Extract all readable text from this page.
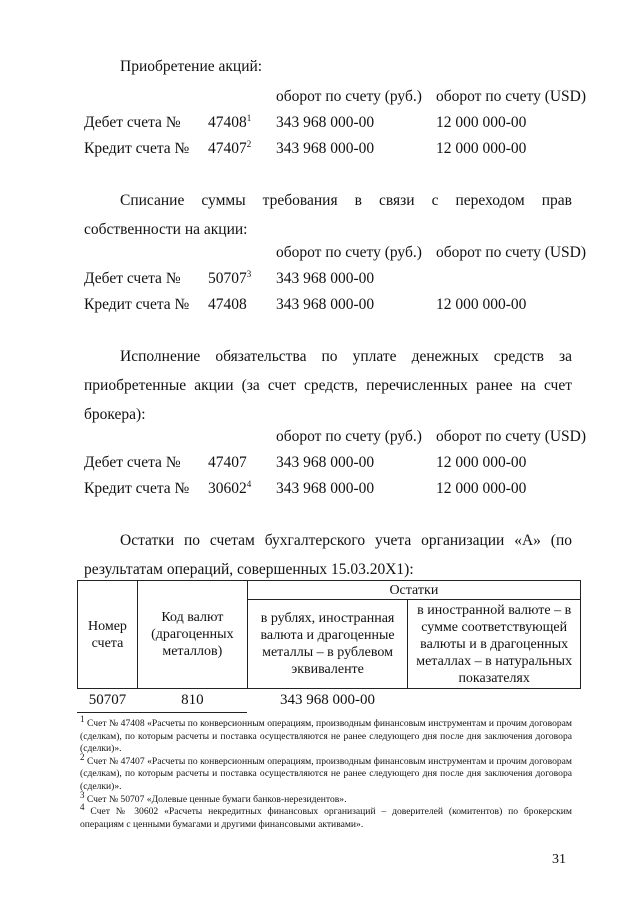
Приобретение акций:
оборот по счету (руб.) оборот по счету (USD)
Дебет счета № 47408$^1$ 343 968 000-00	12 000 000-00
Кредит счета № 47407$^2$ 343 968 000-00	12 000 000-00
Списание суммы требования в связи с переходом прав собственности на акции:
оборот по счету (руб.) оборот по счету (USD)
Дебет счета № 50707$^3$ 343 968 000-00
Кредит счета № 47408 343 968 000-00	12 000 000-00
Исполнение обязательства по уплате денежных средств за приобретенные акции (за счет средств, перечисленных ранее на счет брокера):
оборот по счету (руб.) оборот по счету (USD)
Дебет счета № 47407 343 968 000-00	12 000 000-00
Кредит счета № 30602$^4$ 343 968 000-00	12 000 000-00
Остатки по счетам бухгалтерского учета организации «А» (по результатам операций, совершенных 15.03.20Х1):
Номер счета	Код валют (драгоценных металлов)	Остатки	
		в рублях, иностранная валюта и драгоценные металлы – в рублевом эквиваленте	в иностранной валюте – в сумме соответствующей валюты и в драгоценных металлах – в натуральных показателях
50707	810	343 968 000-00	

$^1$ Счет № 47408 «Расчеты по конверсионным операциям, производным финансовым инструментам и прочим договорам (сделкам), по которым расчеты и поставка осуществляются не ранее следующего дня после дня заключения договора (сделки)».

$^2$ Счет № 47407 «Расчеты по конверсионным операциям, производным финансовым инструментам и прочим договорам (сделкам), по которым расчеты и поставка осуществляются не ранее следующего дня после дня заключения договора (сделки)».

$^3$ Счет № 50707 «Долевые ценные бумаги банков-нерезидентов».

$^4$ Счет № 30602 «Расчеты некредитных финансовых организаций – доверителей (комитентов) по брокерским операциям с ценными бумагами и другими финансовыми активами».

31
